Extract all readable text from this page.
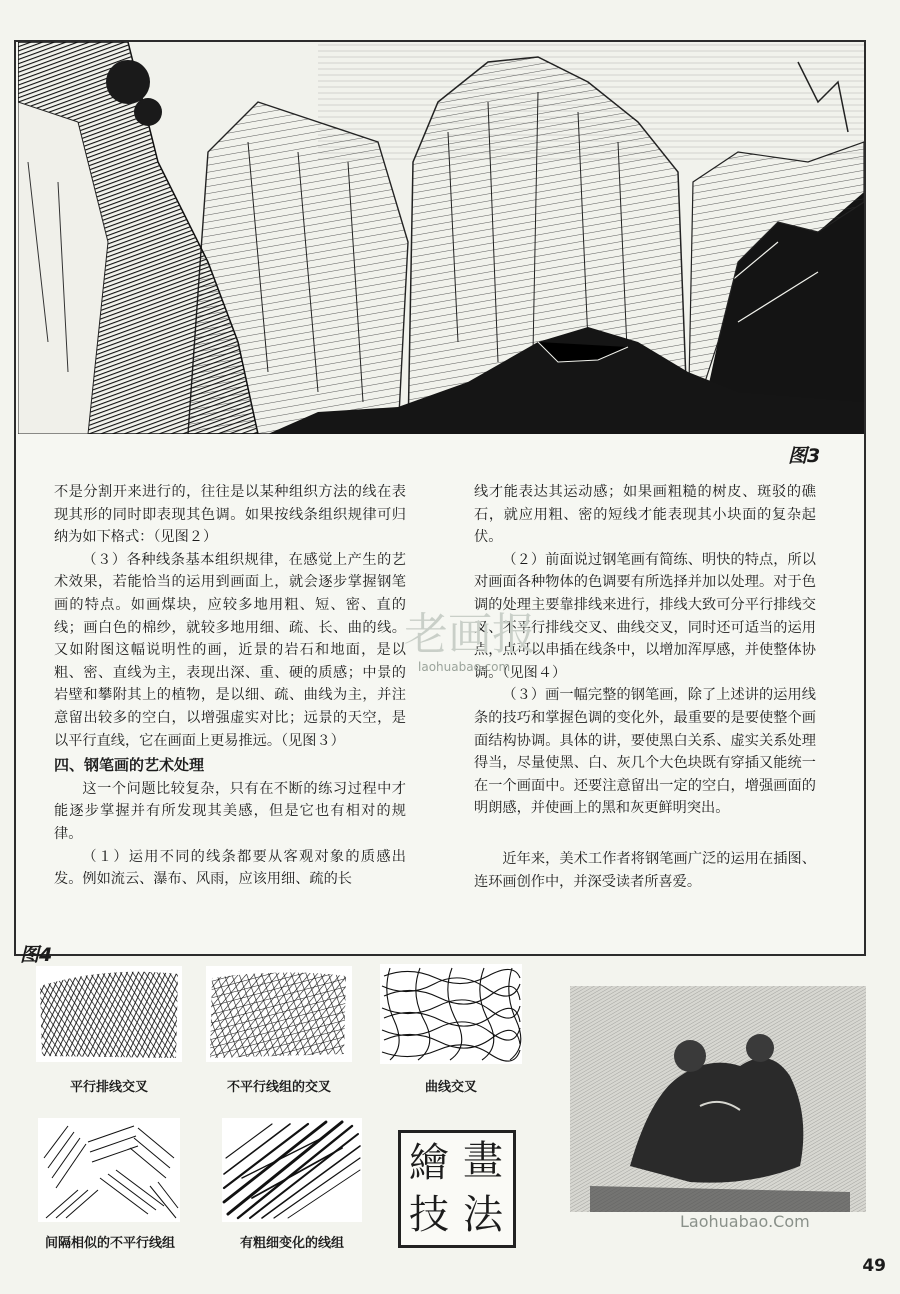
图3

不是分割开来进行的，往往是以某种组织方法的线在表现其形的同时即表现其色调。如果按线条组织规律可归纳为如下格式：（见图２）

（３）各种线条基本组织规律，在感觉上产生的艺术效果，若能恰当的运用到画面上，就会逐步掌握钢笔画的特点。如画煤块，应较多地用粗、短、密、直的线；画白色的棉纱，就较多地用细、疏、长、曲的线。又如附图这幅说明性的画，近景的岩石和地面，是以粗、密、直线为主，表现出深、重、硬的质感；中景的岩壁和攀附其上的植物，是以细、疏、曲线为主，并注意留出较多的空白，以增强虚实对比；远景的天空，是以平行直线，它在画面上更易推远。（见图３）

四、钢笔画的艺术处理

这一个问题比较复杂，只有在不断的练习过程中才能逐步掌握并有所发现其美感，但是它也有相对的规律。

（１）运用不同的线条都要从客观对象的质感出发。例如流云、瀑布、风雨，应该用细、疏的长

线才能表达其运动感；如果画粗糙的树皮、斑驳的礁石，就应用粗、密的短线才能表现其小块面的复杂起伏。

（２）前面说过钢笔画有简练、明快的特点，所以对画面各种物体的色调要有所选择并加以处理。对于色调的处理主要靠排线来进行，排线大致可分平行排线交叉、不平行排线交叉、曲线交叉，同时还可适当的运用点，点可以串插在线条中，以增加浑厚感，并使整体协调。（见图４）

（３）画一幅完整的钢笔画，除了上述讲的运用线条的技巧和掌握色调的变化外，最重要的是要使整个画面结构协调。具体的讲，要使黑白关系、虚实关系处理得当，尽量使黑、白、灰几个大色块既有穿插又能统一在一个画面中。还要注意留出一定的空白，增强画面的明朗感，并使画上的黑和灰更鲜明突出。

近年来，美术工作者将钢笔画广泛的运用在插图、连环画创作中，并深受读者所喜爱。

图4
平行排线交叉	不平行线组的交叉	曲线交叉
间隔相似的不平行线组	有粗细变化的线组
繪 畫
技 法
老画报
laohuabao.com
Laohuabao.Com
49
